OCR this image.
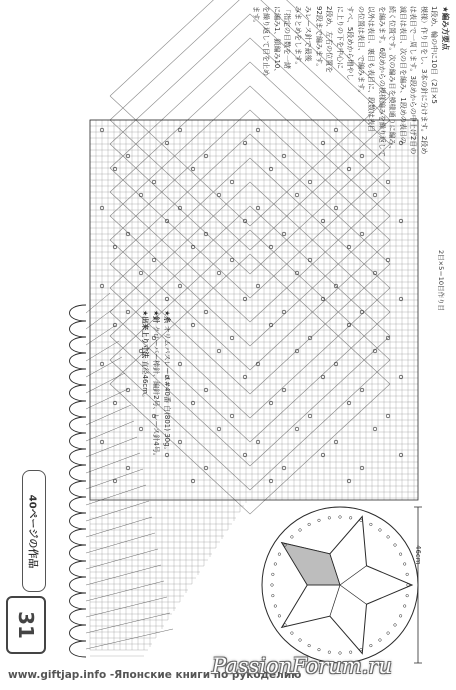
★編み方要点

1段め、輪の中に10目（2目×5

模様）作り目をし、3本の針に分けます。2段め

は表目で一周します。3段めからの中上げ2目の

減目は表目、次の目を編み、1段めの表目の

続く位置です。次の編み目を模様通りに編み、

を編みます。6段めからの模様編みを繰り返して

以外は表目、裏目も表目に、段数は表目

の位置は表目、で編みます。

すべ、5段めから増やし

に上りの下を中心に

2段め、左右の位置を

92段まで編みます。

みレース針で最後

みまとめをします。

「指定の目数を一緒

に編み1、鎖編み10、

を繰り返して目を止め

ます。

★糸 オリムパスレース#40番 白(801) 30g。
★針 クローバー棒針、編針2号、レース針4号。
★出来上り寸法 直径46cm。
40ページの作品
31
2目×5＝10目作り目
46cm
www.giftjap.info -Японские книги по рукоделию
PassionForum.ru
